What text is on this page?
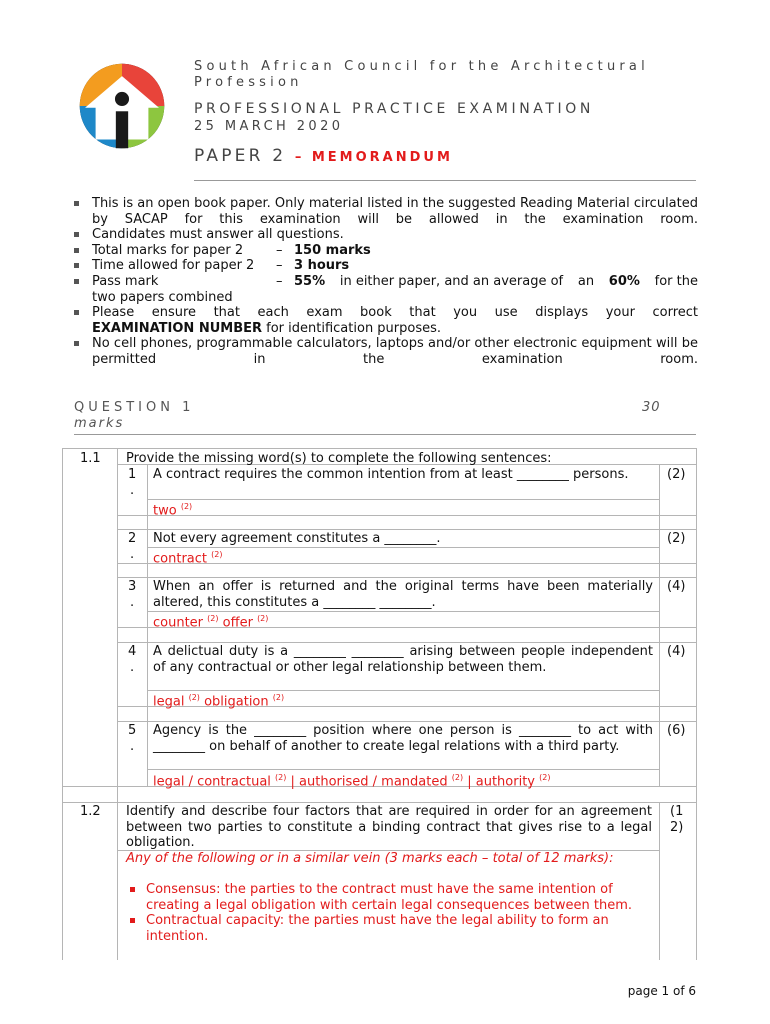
South African Council for the Architectural Profession
PROFESSIONAL PRACTICE EXAMINATION
25 MARCH 2020
PAPER 2 – MEMORANDUM
This is an open book paper. Only material listed in the suggested Reading Material circulated by SACAP for this examination will be allowed in the examination room.
Candidates must answer all questions.
Total marks for paper 2	– 150 marks
Time allowed for paper 2	– 3 hours
Pass mark	– 55% in either paper, and an average of an 60% for the
two papers combined
Please ensure that each exam book that you use displays your correct
EXAMINATION NUMBER for identification purposes.
No cell phones, programmable calculators, laptops and/or other electronic equipment will be permitted in the examination room.
QUESTION 1	30
marks
1.1 Provide the missing word(s) to complete the following sentences:
1
.
A contract requires the common intention from at least ________ persons.	(2)
two $^{(2)}$
2
.
Not every agreement constitutes a ________.	(2)
contract $^{(2)}$
3
.
When an offer is returned and the original terms have been materially altered, this constitutes a ________ ________.
(4)
counter $^{(2)}$ offer $^{(2)}$
4
.
A delictual duty is a ________ ________ arising between people independent of any contractual or other legal relationship between them.
(4)
legal $^{(2)}$ obligation $^{(2)}$
5
.
Agency is the ________ position where one person is ________ to act with ________ on behalf of another to create legal relations with a third party.
(6)
legal / contractual $^{(2)}$ | authorised / mandated $^{(2)}$ | authority $^{(2)}$
1.2 Identify and describe four factors that are required in order for an agreement between two parties to constitute a binding contract that gives rise to a legal obligation.
(1
2)
Any of the following or in a similar vein (3 marks each – total of 12 marks):
Consensus: the parties to the contract must have the same intention of creating a legal obligation with certain legal consequences between them.
Contractual capacity: the parties must have the legal ability to form an intention.
page 1 of 6
